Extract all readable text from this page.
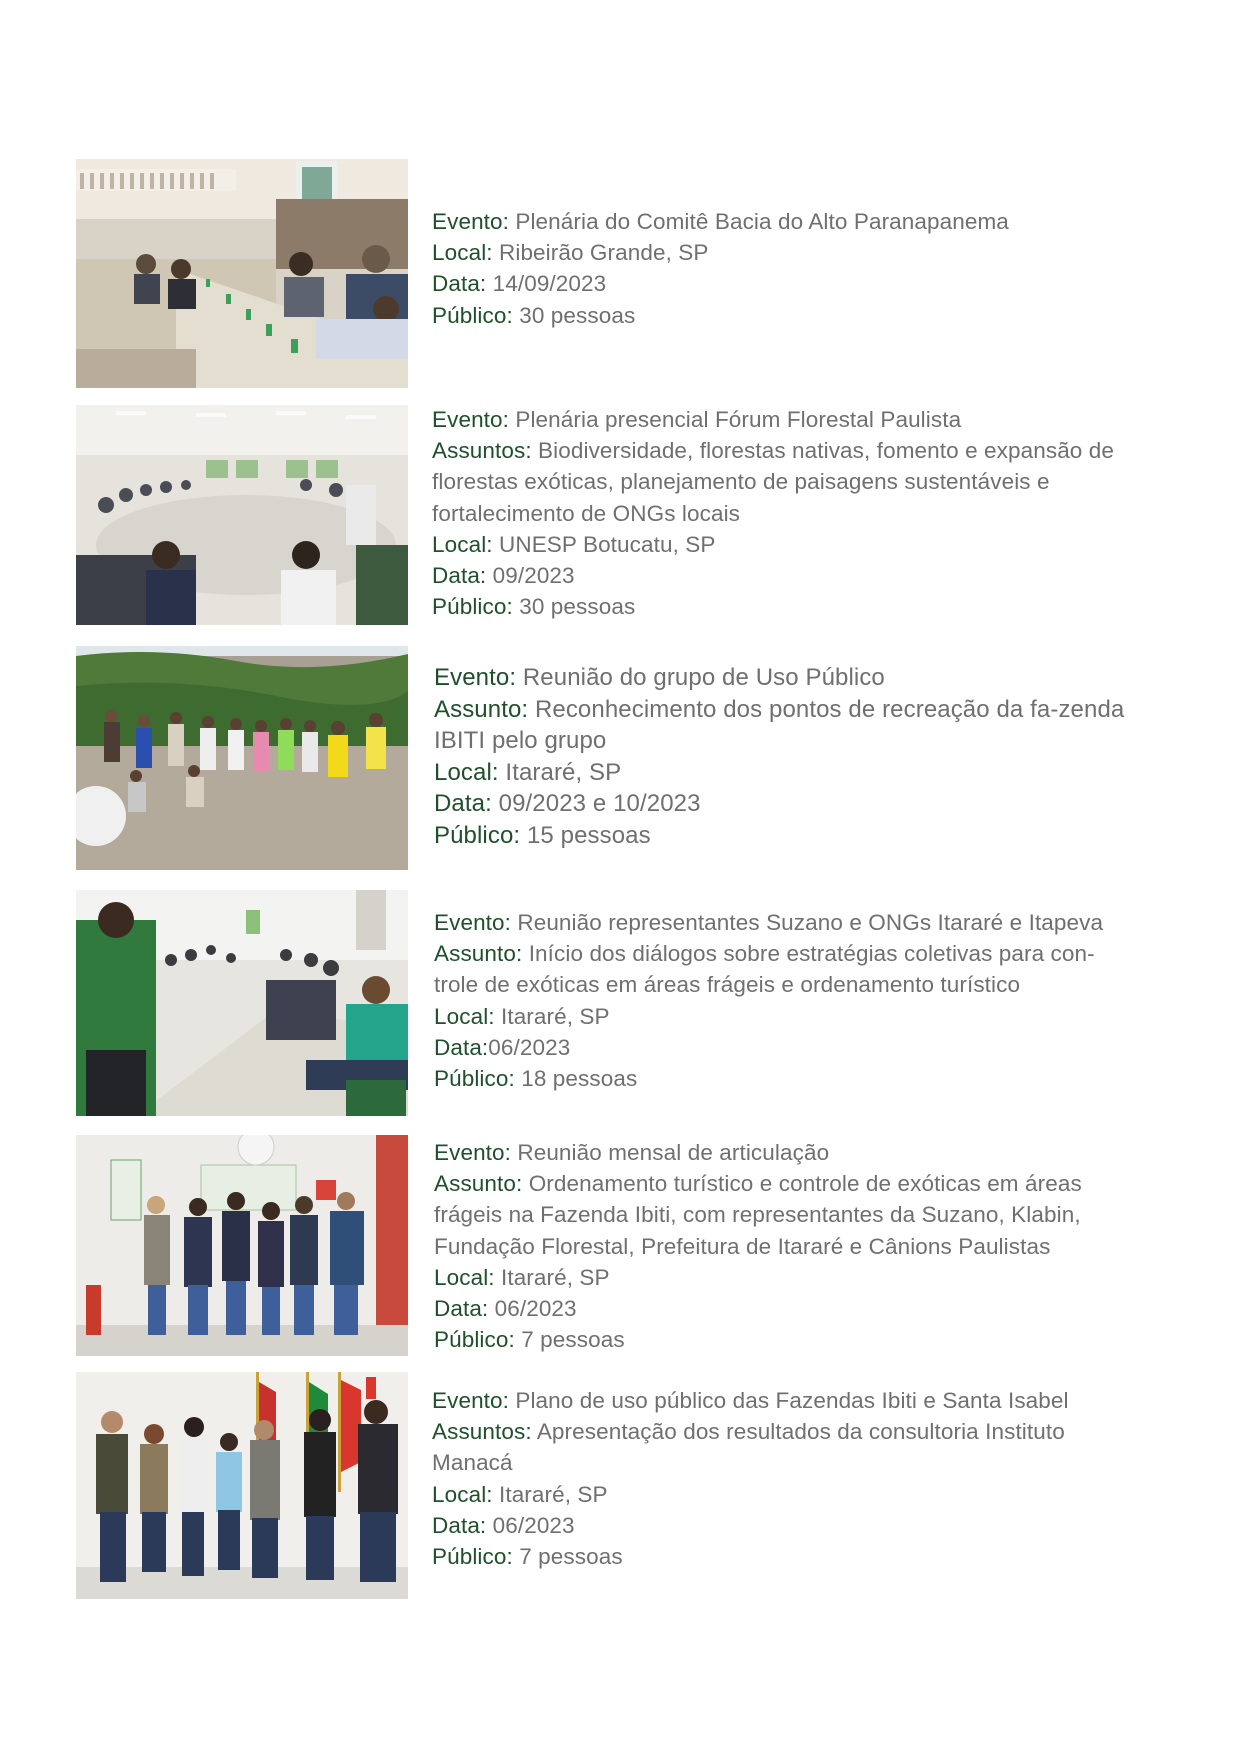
Evento: Plenária do Comitê Bacia do Alto Paranapanema
Local: Ribeirão Grande, SP
Data: 14/09/2023
Público: 30 pessoas
Evento: Plenária presencial Fórum Florestal Paulista
Assuntos: Biodiversidade, florestas nativas, fomento e expansão de florestas exóticas, planejamento de paisagens sustentáveis e fortalecimento de ONGs locais
Local: UNESP Botucatu, SP
Data: 09/2023
Público: 30 pessoas
Evento: Reunião do grupo de Uso Público
Assunto: Reconhecimento dos pontos de recreação da fa-zenda IBITI pelo grupo
Local: Itararé, SP
Data: 09/2023 e 10/2023
Público: 15 pessoas
Evento: Reunião representantes Suzano e ONGs Itararé e Itapeva
Assunto: Início dos diálogos sobre estratégias coletivas para con-trole de exóticas em áreas frágeis e ordenamento turístico
Local: Itararé, SP
Data:06/2023
Público: 18 pessoas
Evento: Reunião mensal de articulação
Assunto: Ordenamento turístico e controle de exóticas em áreas frágeis na Fazenda Ibiti, com representantes da Suzano, Klabin, Fundação Florestal, Prefeitura de Itararé e Cânions Paulistas
Local: Itararé, SP
Data: 06/2023
Público: 7 pessoas
Evento: Plano de uso público das Fazendas Ibiti e Santa Isabel
Assuntos: Apresentação dos resultados da consultoria Instituto Manacá
Local: Itararé, SP
Data: 06/2023
Público: 7 pessoas
